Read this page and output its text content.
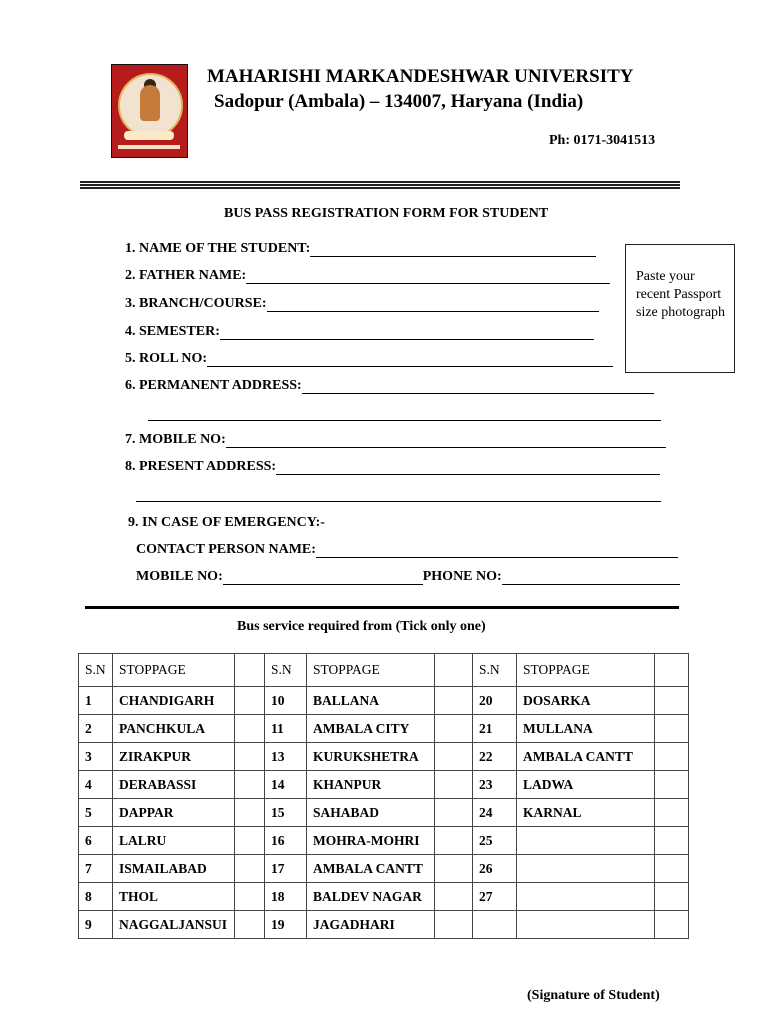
MAHARISHI MARKANDESHWAR UNIVERSITY
Sadopur (Ambala) – 134007, Haryana (India)
Ph: 0171-3041513
BUS PASS REGISTRATION FORM FOR STUDENT
1. NAME OF THE STUDENT:
2. FATHER NAME:
3. BRANCH/COURSE:
4. SEMESTER:
5. ROLL NO:
6. PERMANENT ADDRESS:
7. MOBILE NO:
8. PRESENT ADDRESS:
9. IN CASE OF EMERGENCY:-
CONTACT PERSON NAME:
MOBILE NO:	PHONE NO:
Paste your recent Passport size photograph
Bus service required from (Tick only one)
S.N	STOPPAGE		S.N	STOPPAGE		S.N	STOPPAGE	
1	CHANDIGARH		10	BALLANA		20	DOSARKA	
2	PANCHKULA		11	AMBALA CITY		21	MULLANA	
3	ZIRAKPUR		13	KURUKSHETRA		22	AMBALA CANTT	
4	DERABASSI		14	KHANPUR		23	LADWA	
5	DAPPAR		15	SAHABAD		24	KARNAL	
6	LALRU		16	MOHRA-MOHRI		25		
7	ISMAILABAD		17	AMBALA CANTT		26		
8	THOL		18	BALDEV NAGAR		27		
9	NAGGALJANSUI		19	JAGADHARI				
(Signature of Student)
